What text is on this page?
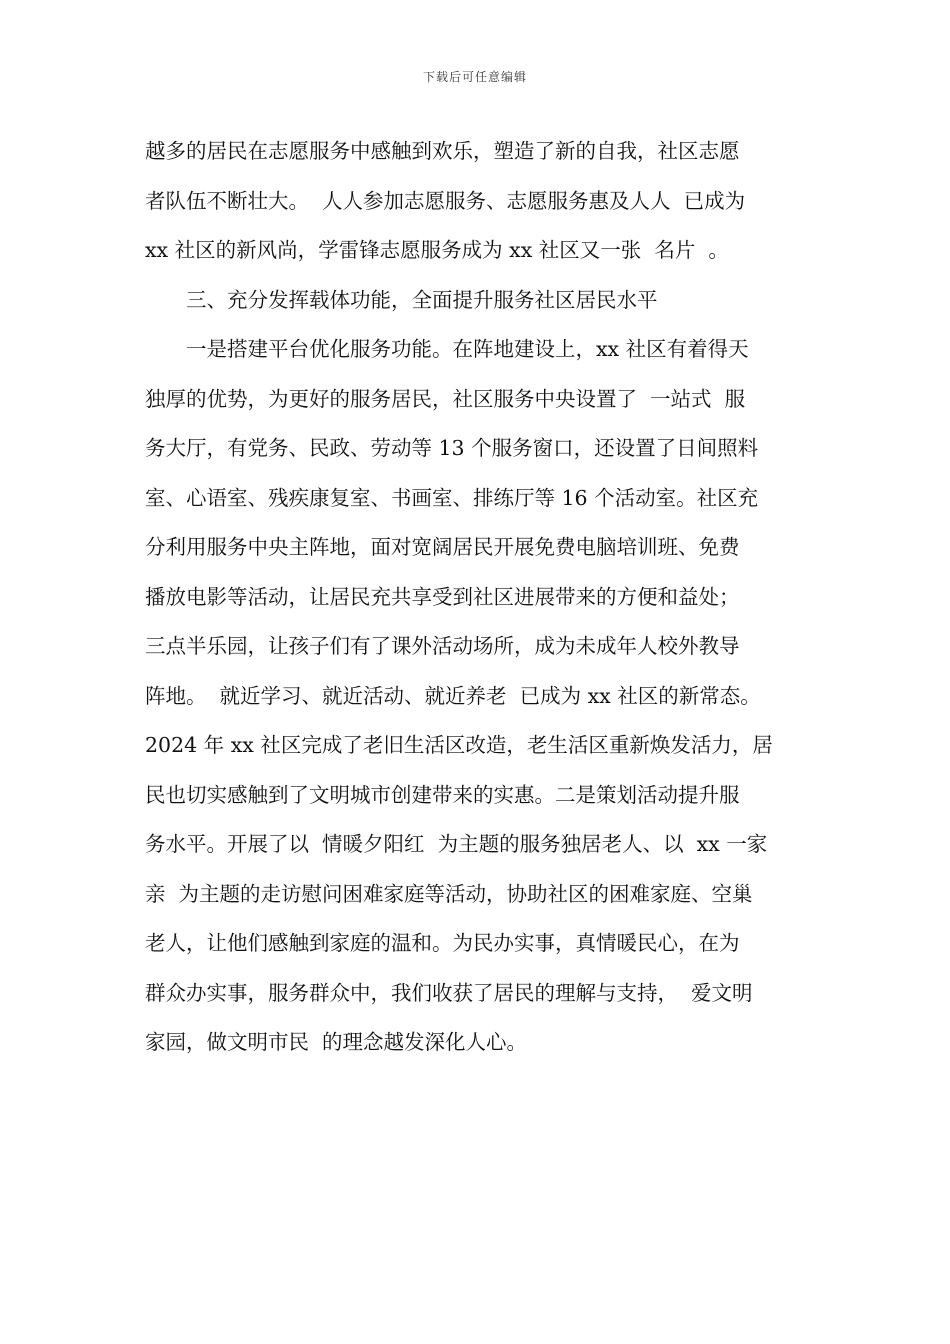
下载后可任意编辑
越多的居民在志愿服务中感触到欢乐，塑造了新的自我，社区志愿
者队伍不断壮大。  人人参加志愿服务、志愿服务惠及人人  已成为
xx 社区的新风尚，学雷锋志愿服务成为 xx 社区又一张  名片  。
三、充分发挥载体功能，全面提升服务社区居民水平
一是搭建平台优化服务功能。在阵地建设上，xx 社区有着得天
独厚的优势，为更好的服务居民，社区服务中央设置了  一站式  服
务大厅，有党务、民政、劳动等 13 个服务窗口，还设置了日间照料
室、心语室、残疾康复室、书画室、排练厅等 16 个活动室。社区充
分利用服务中央主阵地，面对宽阔居民开展免费电脑培训班、免费
播放电影等活动，让居民充共享受到社区进展带来的方便和益处；
三点半乐园，让孩子们有了课外活动场所，成为未成年人校外教导
阵地。  就近学习、就近活动、就近养老  已成为 xx 社区的新常态。
2024 年 xx 社区完成了老旧生活区改造，老生活区重新焕发活力，居
民也切实感触到了文明城市创建带来的实惠。二是策划活动提升服
务水平。开展了以  情暖夕阳红  为主题的服务独居老人、以  xx 一家
亲  为主题的走访慰问困难家庭等活动，协助社区的困难家庭、空巢
老人，让他们感触到家庭的温和。为民办实事，真情暖民心，在为
群众办实事，服务群众中，我们收获了居民的理解与支持，  爱文明
家园，做文明市民  的理念越发深化人心。
